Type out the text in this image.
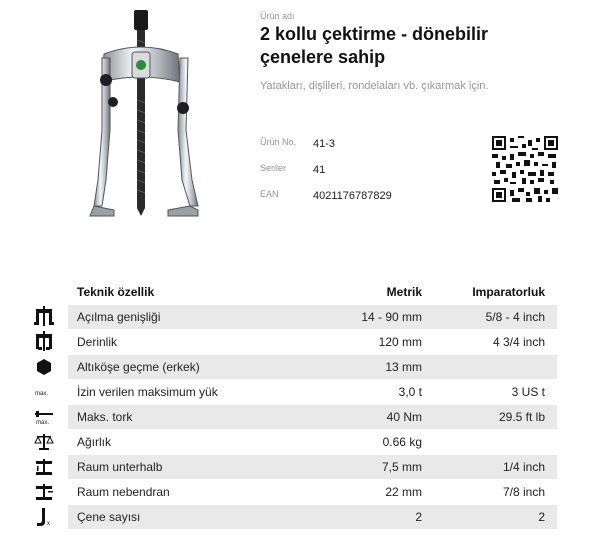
Ürün adı
2 kollu çektirme - dönebilir
çenelere sahip
Yatakları, dişlileri, rondelaları vb. çıkarmak için.
Ürün No. 41-3
Seriler 41
EAN	4021176787829
Teknik özellik	Metrik	Imparatorluk
max.
max.
x
Açılma genişliği	14 - 90 mm	5/8 - 4 inch
Derinlik	120 mm	4 3/4 inch
Altıköşe geçme (erkek)	13 mm
İzin verilen maksimum yük	3,0 t	3 US t
Maks. tork	40 Nm	29.5 ft lb
Ağırlık	0.66 kg
Raum unterhalb	7,5 mm	1/4 inch
Raum nebendran	22 mm	7/8 inch
Çene sayısı	2	2
